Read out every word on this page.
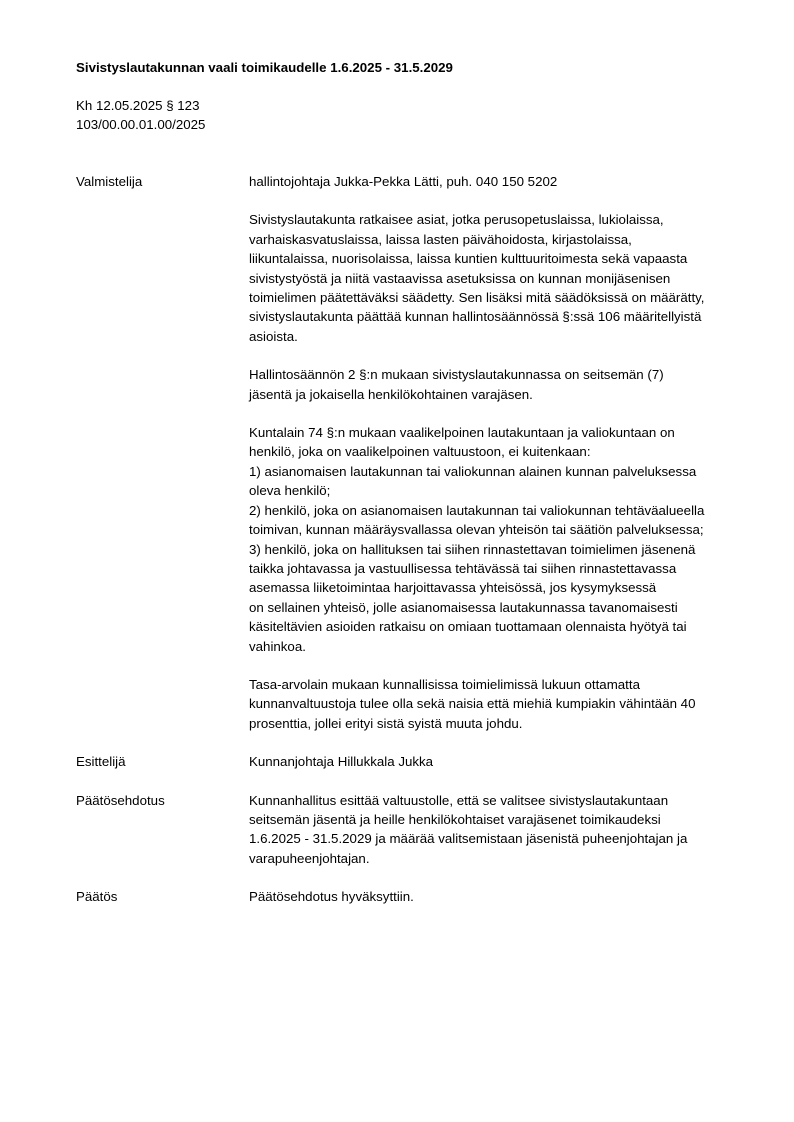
Sivistyslautakunnan vaali toimikaudelle 1.6.2025 - 31.5.2029
Kh 12.05.2025 § 123
103/00.00.01.00/2025
Valmistelija	hallintojohtaja Jukka-Pekka Lätti, puh. 040 150 5202
Sivistyslautakunta ratkaisee asiat, jotka perusopetuslaissa, lukiolaissa,
varhaiskasvatuslaissa, laissa lasten päivähoidosta, kirjastolaissa,
liikuntalaissa, nuorisolaissa, laissa kuntien kulttuuritoimesta sekä vapaasta
sivistystyöstä ja niitä vastaavissa asetuksissa on kunnan monijäsenisen
toimielimen päätettäväksi säädetty. Sen lisäksi mitä säädöksissä on määrätty,
sivistyslautakunta päättää kunnan hallintosäännössä §:ssä 106 määritellyistä
asioista.
Hallintosäännön 2 §:n mukaan sivistyslautakunnassa on seitsemän (7)
jäsentä ja jokaisella henkilökohtainen varajäsen.
Kuntalain 74 §:n mukaan vaalikelpoinen lautakuntaan ja valiokuntaan on
henkilö, joka on vaalikelpoinen valtuustoon, ei kuitenkaan:
1) asianomaisen lautakunnan tai valiokunnan alainen kunnan palveluksessa
oleva henkilö;
2) henkilö, joka on asianomaisen lautakunnan tai valiokunnan tehtäväalueella
toimivan, kunnan määräysvallassa olevan yhteisön tai säätiön palveluksessa;
3) henkilö, joka on hallituksen tai siihen rinnastettavan toimielimen jäsenenä
taikka johtavassa ja vastuullisessa tehtävässä tai siihen rinnastettavassa
asemassa liiketoimintaa harjoittavassa yhteisössä, jos kysymyksessä
on sellainen yhteisö, jolle asianomaisessa lautakunnassa tavanomaisesti
käsiteltävien asioiden ratkaisu on omiaan tuottamaan olennaista hyötyä tai
vahinkoa.
Tasa-arvolain mukaan kunnallisissa toimielimissä lukuun ottamatta
kunnanvaltuustoja tulee olla sekä naisia että miehiä kumpiakin vähintään 40
prosenttia, jollei erityi sistä syistä muuta johdu.
Esittelijä	Kunnanjohtaja Hillukkala Jukka
Päätösehdotus	Kunnanhallitus esittää valtuustolle, että se valitsee sivistyslautakuntaan
seitsemän jäsentä ja heille henkilökohtaiset varajäsenet toimikaudeksi
1.6.2025 - 31.5.2029 ja määrää valitsemistaan jäsenistä puheenjohtajan ja
varapuheenjohtajan.
Päätös	Päätösehdotus hyväksyttiin.
